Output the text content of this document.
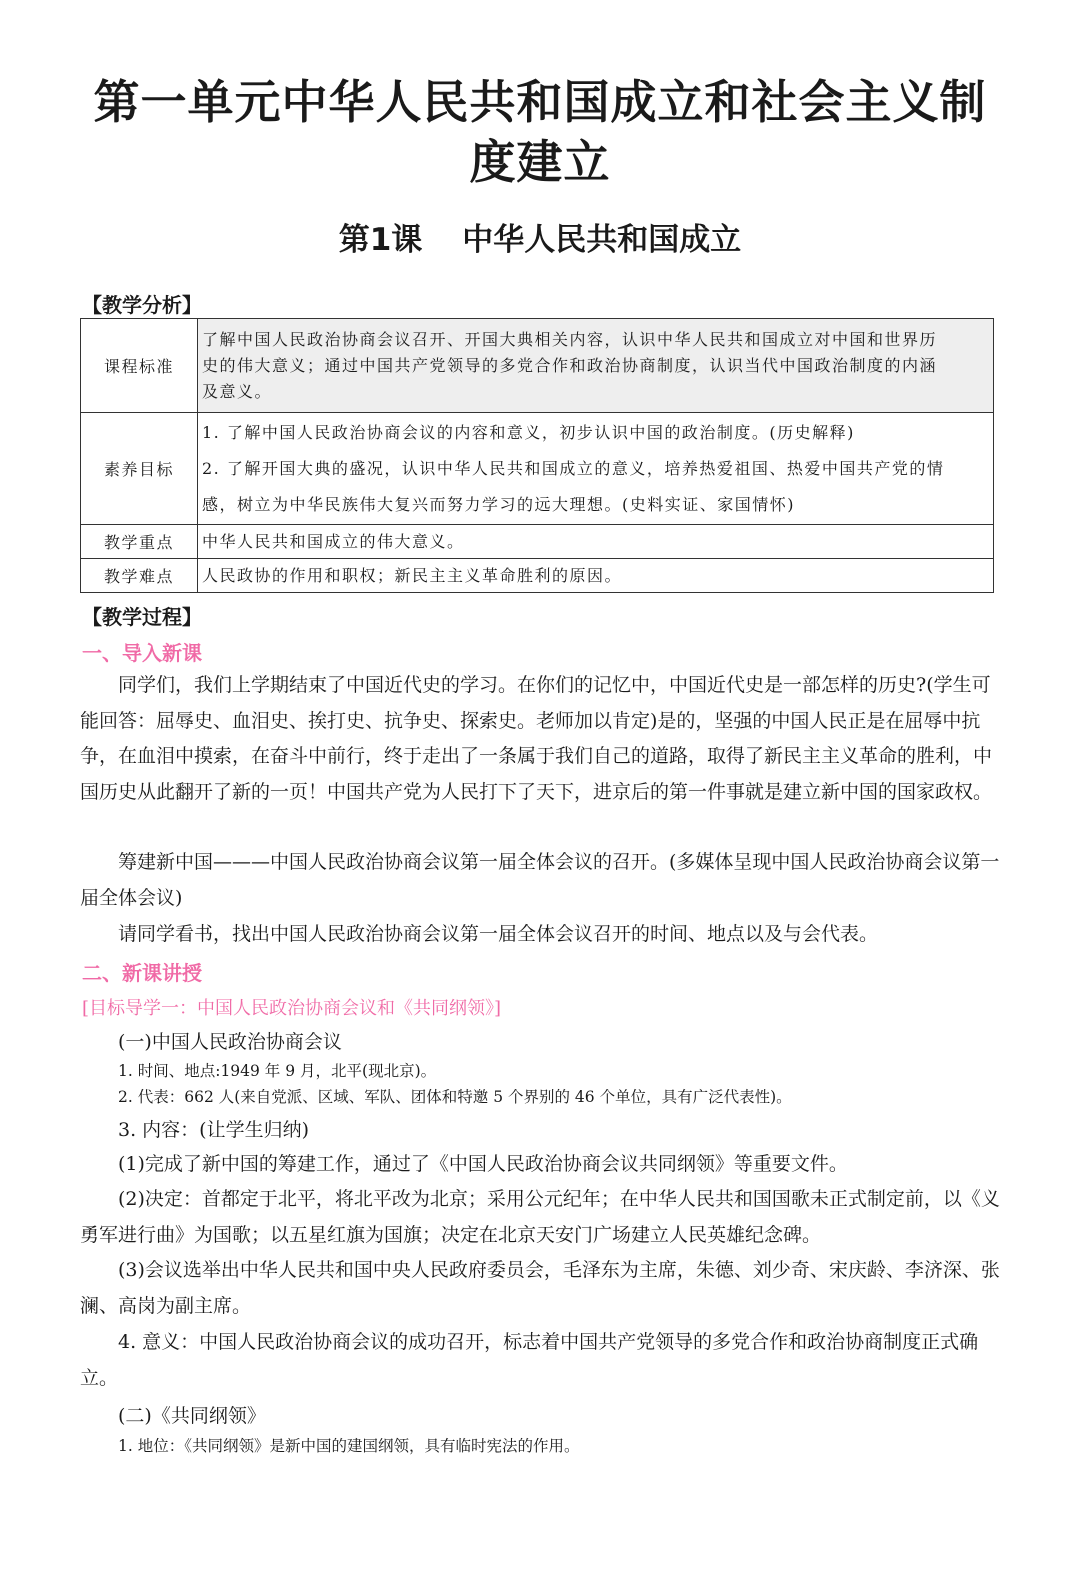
第一单元中华人民共和国成立和社会主义制
度建立
第1课 中华人民共和国成立
【教学分析】
课程标准	了解中国人民政治协商会议召开、开国大典相关内容，认识中华人民共和国成立对中国和世界历
史的伟大意义；通过中国共产党领导的多党合作和政治协商制度，认识当代中国政治制度的内涵
及意义。

素养目标	1. 了解中国人民政治协商会议的内容和意义，初步认识中国的政治制度。(历史解释)
2. 了解开国大典的盛况，认识中华人民共和国成立的意义，培养热爱祖国、热爱中国共产党的情
感，树立为中华民族伟大复兴而努力学习的远大理想。(史料实证、家国情怀)

教学重点	中华人民共和国成立的伟大意义。

教学难点	人民政协的作用和职权；新民主主义革命胜利的原因。
【教学过程】
一、导入新课

同学们，我们上学期结束了中国近代史的学习。在你们的记忆中，中国近代史是一部怎样的历史?(学生可能回答：屈辱史、血泪史、挨打史、抗争史、探索史。老师加以肯定)是的，坚强的中国人民正是在屈辱中抗争，在血泪中摸索，在奋斗中前行，终于走出了一条属于我们自己的道路，取得了新民主主义革命的胜利，中国历史从此翻开了新的一页！中国共产党为人民打下了天下，进京后的第一件事就是建立新中国的国家政权。

筹建新中国———中国人民政治协商会议第一届全体会议的召开。(多媒体呈现中国人民政治协商会议第一届全体会议)

请同学看书，找出中国人民政治协商会议第一届全体会议召开的时间、地点以及与会代表。

二、新课讲授
[目标导学一：中国人民政治协商会议和《共同纲领》]
(一)中国人民政治协商会议
1. 时间、地点:1949 年 9 月，北平(现北京)。
2. 代表：662 人(来自党派、区域、军队、团体和特邀 5 个界别的 46 个单位，具有广泛代表性)。
3. 内容：(让学生归纳)

(1)完成了新中国的筹建工作，通过了《中国人民政治协商会议共同纲领》等重要文件。

(2)决定：首都定于北平，将北平改为北京；采用公元纪年；在中华人民共和国国歌未正式制定前，以《义勇军进行曲》为国歌；以五星红旗为国旗；决定在北京天安门广场建立人民英雄纪念碑。

(3)会议选举出中华人民共和国中央人民政府委员会，毛泽东为主席，朱德、刘少奇、宋庆龄、李济深、张澜、高岗为副主席。

4. 意义：中国人民政治协商会议的成功召开，标志着中国共产党领导的多党合作和政治协商制度正式确立。

(二)《共同纲领》
1. 地位：《共同纲领》是新中国的建国纲领，具有临时宪法的作用。
